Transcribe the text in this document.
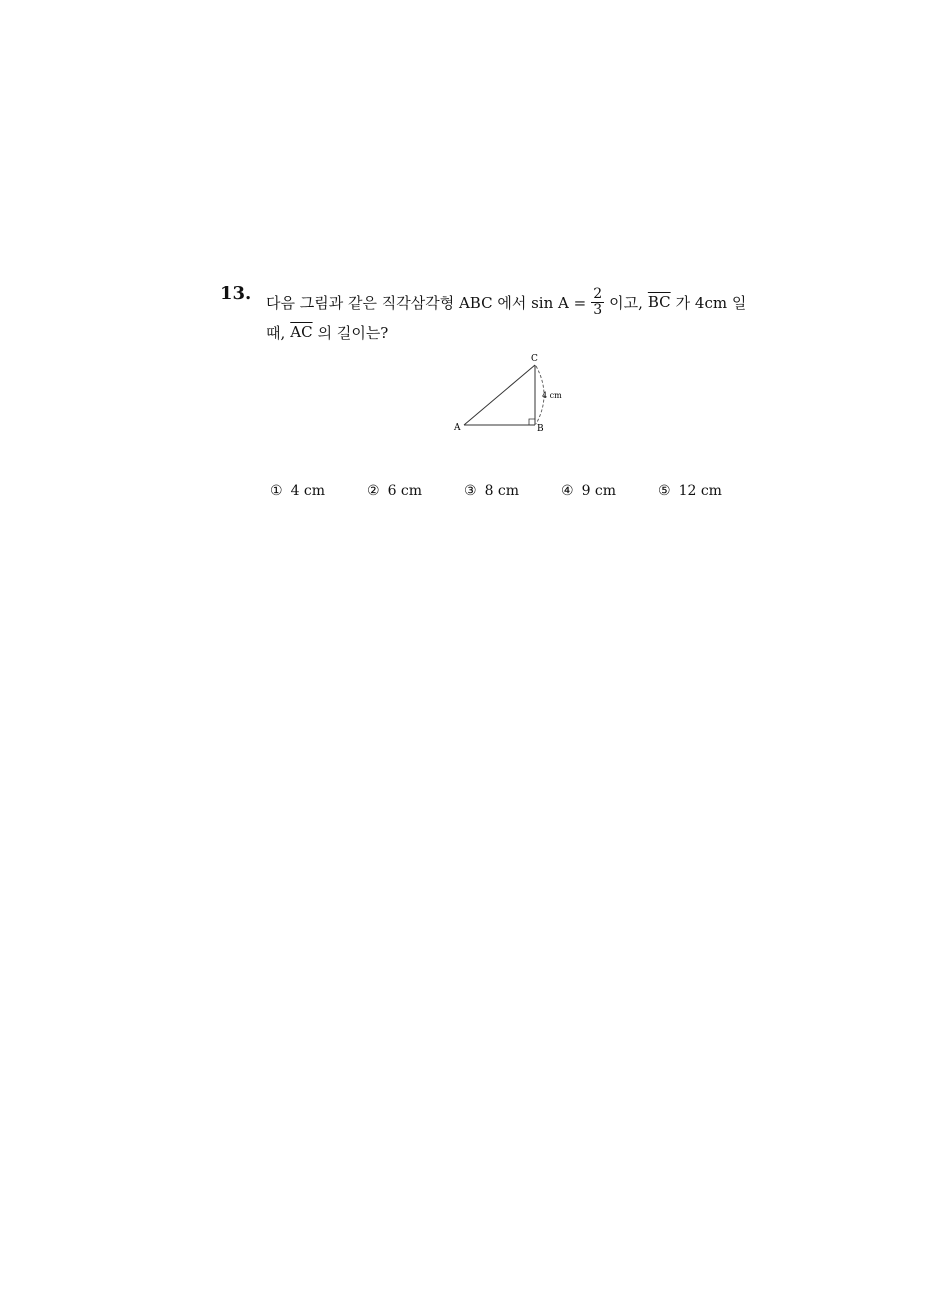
13. 다음 그림과 같은 직각삼각형 ABC 에서 $\sin A = \frac{2}{3}$ 이고, $\overline{BC}$ 가 4cm 일
때, $\overline{AC}$ 의 길이는?
A	B
C
4 cm
① 4 cm	② 6 cm	③ 8 cm	④ 9 cm	⑤ 12 cm
